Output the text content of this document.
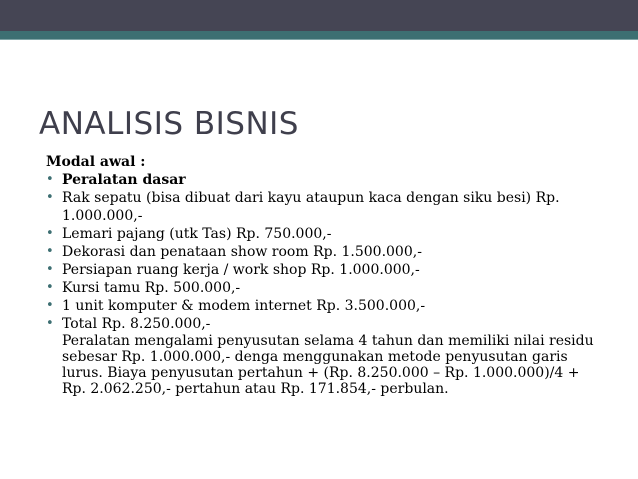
ANALISIS BISNIS

Modal awal :

• Peralatan dasar
• Rak sepatu (bisa dibuat dari kayu ataupun kaca dengan siku besi) Rp. 1.000.000,-
• Lemari pajang (utk Tas) Rp. 750.000,-
• Dekorasi dan penataan show room Rp. 1.500.000,-
• Persiapan ruang kerja / work shop Rp. 1.000.000,-
• Kursi tamu Rp. 500.000,-
• 1 unit komputer & modem internet Rp. 3.500.000,-
• Total Rp. 8.250.000,-

Peralatan mengalami penyusutan selama 4 tahun dan memiliki nilai residu sebesar Rp. 1.000.000,- denga menggunakan metode penyusutan garis lurus. Biaya penyusutan pertahun + (Rp. 8.250.000 – Rp. 1.000.000)/4 + Rp. 2.062.250,- pertahun atau Rp. 171.854,- perbulan.
